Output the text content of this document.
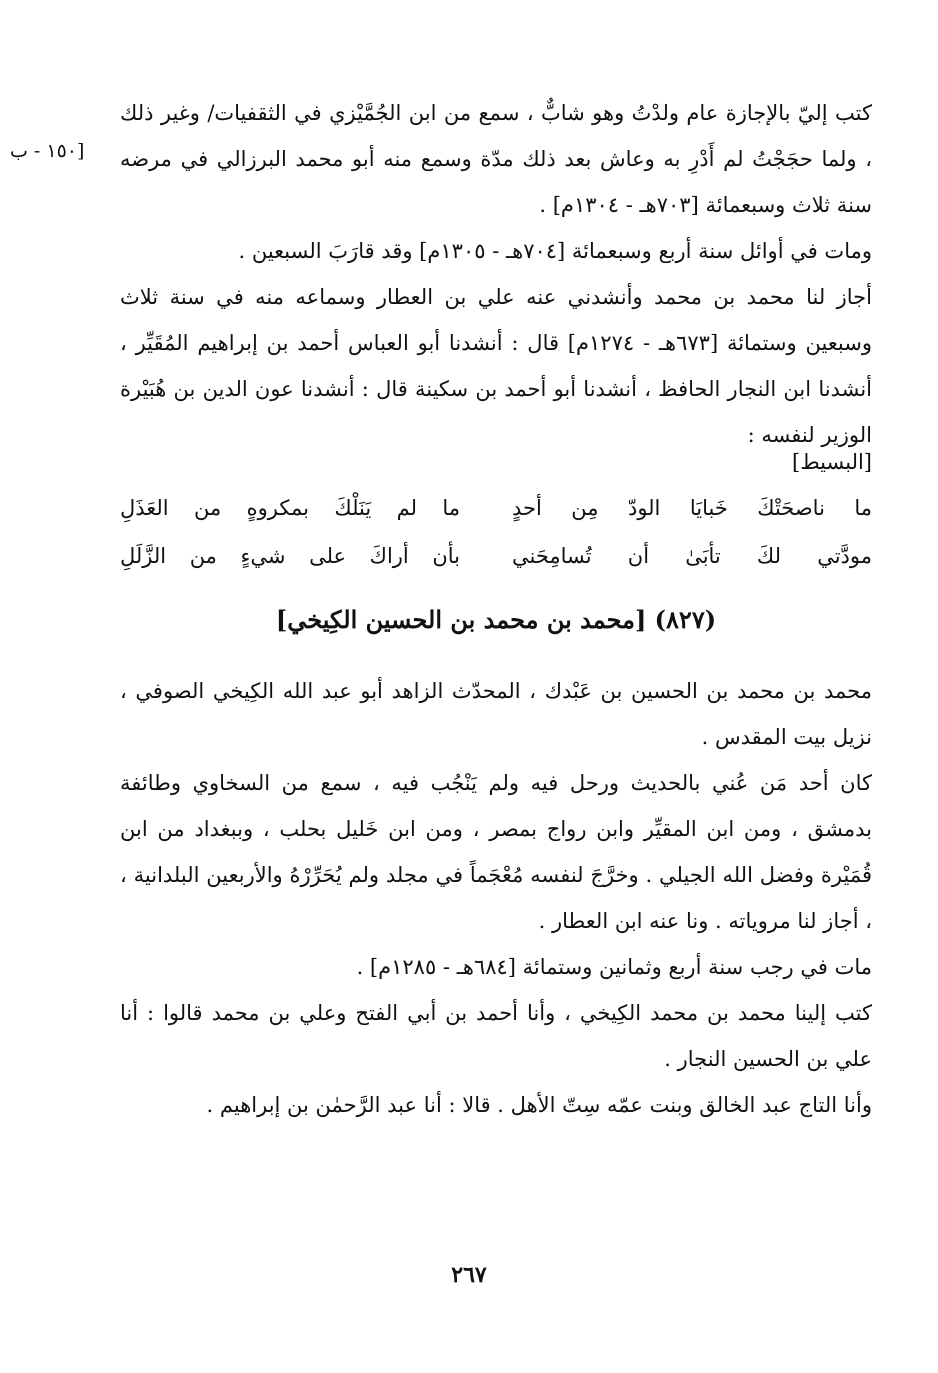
[١٥٠ - ب

كتب إليّ بالإجازة عام ولدْتُ وهو شابٌّ ، سمع من ابن الجُمَّيْزي في الثقفيات/ وغير ذلك ، ولما حجَجْتُ لم أَدْرِ به وعاش بعد ذلك مدّة وسمع منه أبو محمد البرزالي في مرضه سنة ثلاث وسبعمائة [٧٠٣هـ - ١٣٠٤م] .

ومات في أوائل سنة أربع وسبعمائة [٧٠٤هـ - ١٣٠٥م] وقد قارَبَ السبعين .

أجاز لنا محمد بن محمد وأنشدني عنه علي بن العطار وسماعه منه في سنة ثلاث وسبعين وستمائة [٦٧٣هـ - ١٢٧٤م] قال : أنشدنا أبو العباس أحمد بن إبراهيم المُقَيِّر ، أنشدنا ابن النجار الحافظ ، أنشدنا أبو أحمد بن سكينة قال : أنشدنا عون الدين بن هُبَيْرة الوزير لنفسه :

[البسيط]
ما ناصحَتْكَ خَبايَا الودّ مِن أحدٍ
ما لم يَنَلْكَ بمكروهٍ من العَذَلِ
مودَّتي لكَ تأبَىٰ أن تُسامِحَني
بأن أراكَ على شيءٍ من الزَّلَلِ
(٨٢٧) [محمد بن محمد بن الحسين الكِيخي]

محمد بن محمد بن الحسين بن عَبْدك ، المحدّث الزاهد أبو عبد الله الكِيخي الصوفي ، نزيل بيت المقدس .

كان أحد مَن عُني بالحديث ورحل فيه ولم يَنْجُب فيه ، سمع من السخاوي وطائفة بدمشق ، ومن ابن المقيِّر وابن رواج بمصر ، ومن ابن خَليل بحلب ، وببغداد من ابن قُمَيْرة وفضل الله الجيلي . وخرَّجَ لنفسه مُعْجَماً في مجلد ولم يُحَرِّرْهُ والأربعين البلدانية ، ، أجاز لنا مروياته . ونا عنه ابن العطار .

مات في رجب سنة أربع وثمانين وستمائة [٦٨٤هـ - ١٢٨٥م] .

كتب إلينا محمد بن محمد الكِيخي ، وأنا أحمد بن أبي الفتح وعلي بن محمد قالوا : أنا علي بن الحسين النجار .

وأنا التاج عبد الخالق وبنت عمّه سِتّ الأهل . قالا : أنا عبد الرَّحمٰن بن إبراهيم .

٢٦٧
